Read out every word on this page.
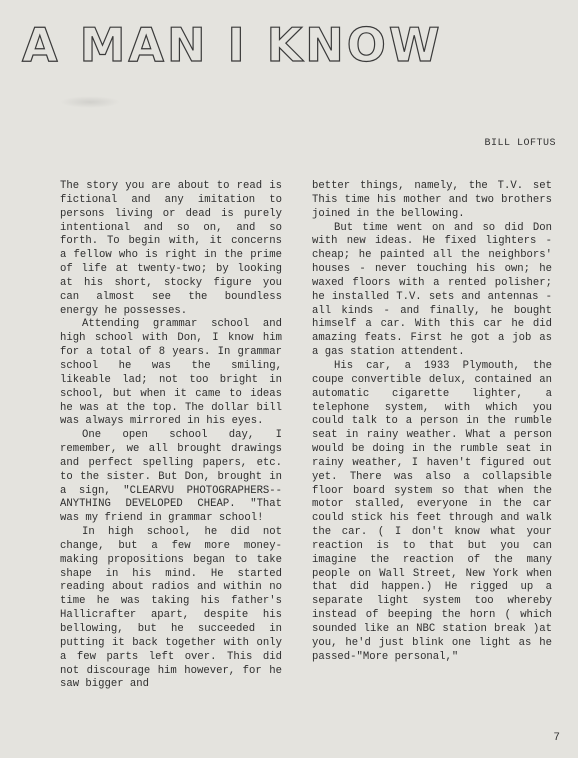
A MAN I KNOW
BILL LOFTUS

The story you are about to read is fictional and any imitation to persons living or dead is purely intentional and so on, and so forth. To begin with, it concerns a fellow who is right in the prime of life at twenty-two; by looking at his short, stocky figure you can almost see the boundless energy he possesses.

Attending grammar school and high school with Don, I know him for a total of 8 years. In grammar school he was the smiling, likeable lad; not too bright in school, but when it came to ideas he was at the top. The dollar bill was always mirrored in his eyes.

One open school day, I remember, we all brought drawings and perfect spelling papers, etc. to the sister. But Don, brought in a sign, "CLEARVU PHOTOGRAPHERS--ANYTHING DEVELOPED CHEAP. "That was my friend in grammar school!

In high school, he did not change, but a few more money-making propositions began to take shape in his mind. He started reading about radios and within no time he was taking his father's Hallicrafter apart, despite his bellowing, but he succeeded in putting it back together with only a few parts left over. This did not discourage him however, for he saw bigger and

better things, namely, the T.V. set This time his mother and two brothers joined in the bellowing.

But time went on and so did Don with new ideas. He fixed lighters - cheap; he painted all the neighbors' houses - never touching his own; he waxed floors with a rented polisher; he installed T.V. sets and antennas - all kinds - and finally, he bought himself a car. With this car he did amazing feats. First he got a job as a gas station attendent.

His car, a 1933 Plymouth, the coupe convertible delux, contained an automatic cigarette lighter, a telephone system, with which you could talk to a person in the rumble seat in rainy weather. What a person would be doing in the rumble seat in rainy weather, I haven't figured out yet. There was also a collapsible floor board system so that when the motor stalled, everyone in the car could stick his feet through and walk the car. ( I don't know what your reaction is to that but you can imagine the reaction of the many people on Wall Street, New York when that did happen.) He rigged up a separate light system too whereby instead of beeping the horn ( which sounded like an NBC station break )at you, he'd just blink one light as he passed-"More personal,"

7
